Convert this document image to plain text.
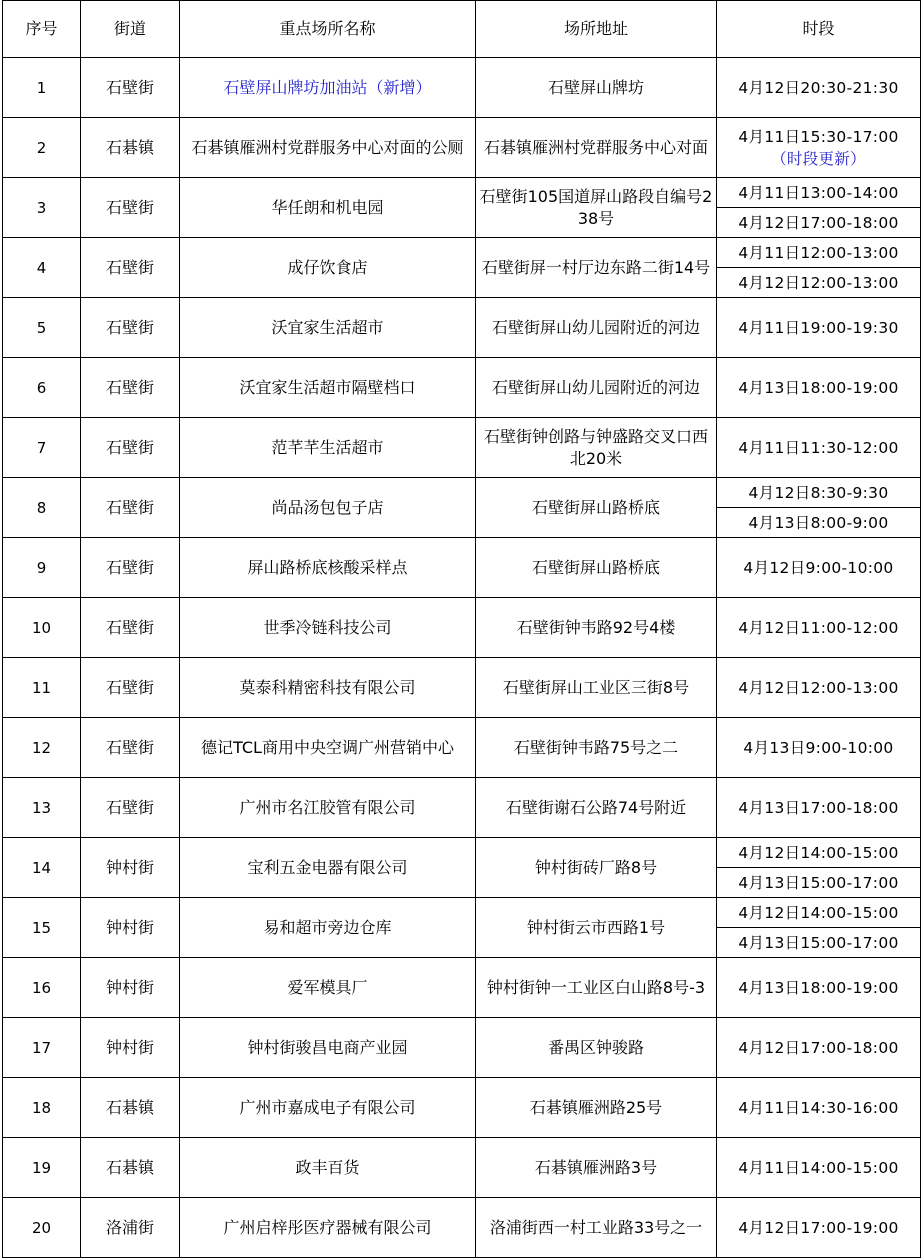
序号	街道	重点场所名称	场所地址	时段
1	石壁街	石壁屏山牌坊加油站（新增）	石壁屏山牌坊	4月12日20:30-21:30
2	石碁镇	石碁镇雁洲村党群服务中心对面的公厕	石碁镇雁洲村党群服务中心对面	4月11日15:30-17:00
（时段更新）

3	石壁街	华任朗和机电园	石壁街105国道屏山路段自编号238号	4月11日13:00-14:00
				4月12日17:00-18:00
4	石壁街	成仔饮食店	石壁街屏一村厅边东路二街14号	4月11日12:00-13:00
				4月12日12:00-13:00
5	石壁街	沃宜家生活超市	石壁街屏山幼儿园附近的河边	4月11日19:00-19:30
6	石壁街	沃宜家生活超市隔壁档口	石壁街屏山幼儿园附近的河边	4月13日18:00-19:00
7	石壁街	范芊芊生活超市	石壁街钟创路与钟盛路交叉口西北20米	4月11日11:30-12:00
8	石壁街	尚品汤包包子店	石壁街屏山路桥底	4月12日8:30-9:30
				4月13日8:00-9:00
9	石壁街	屏山路桥底核酸采样点	石壁街屏山路桥底	4月12日9:00-10:00
10	石壁街	世季冷链科技公司	石壁街钟韦路92号4楼	4月12日11:00-12:00
11	石壁街	莫泰科精密科技有限公司	石壁街屏山工业区三街8号	4月12日12:00-13:00
12	石壁街	德记TCL商用中央空调广州营销中心	石壁街钟韦路75号之二	4月13日9:00-10:00
13	石壁街	广州市名江胶管有限公司	石壁街谢石公路74号附近	4月13日17:00-18:00
14	钟村街	宝利五金电器有限公司	钟村街砖厂路8号	4月12日14:00-15:00
				4月13日15:00-17:00
15	钟村街	易和超市旁边仓库	钟村街云市西路1号	4月12日14:00-15:00
				4月13日15:00-17:00
16	钟村街	爱军模具厂	钟村街钟一工业区白山路8号-3	4月13日18:00-19:00
17	钟村街	钟村街骏昌电商产业园	番禺区钟骏路	4月12日17:00-18:00
18	石碁镇	广州市嘉成电子有限公司	石碁镇雁洲路25号	4月11日14:30-16:00
19	石碁镇	政丰百货	石碁镇雁洲路3号	4月11日14:00-15:00
20	洛浦街	广州启梓彤医疗器械有限公司	洛浦街西一村工业路33号之一	4月12日17:00-19:00
